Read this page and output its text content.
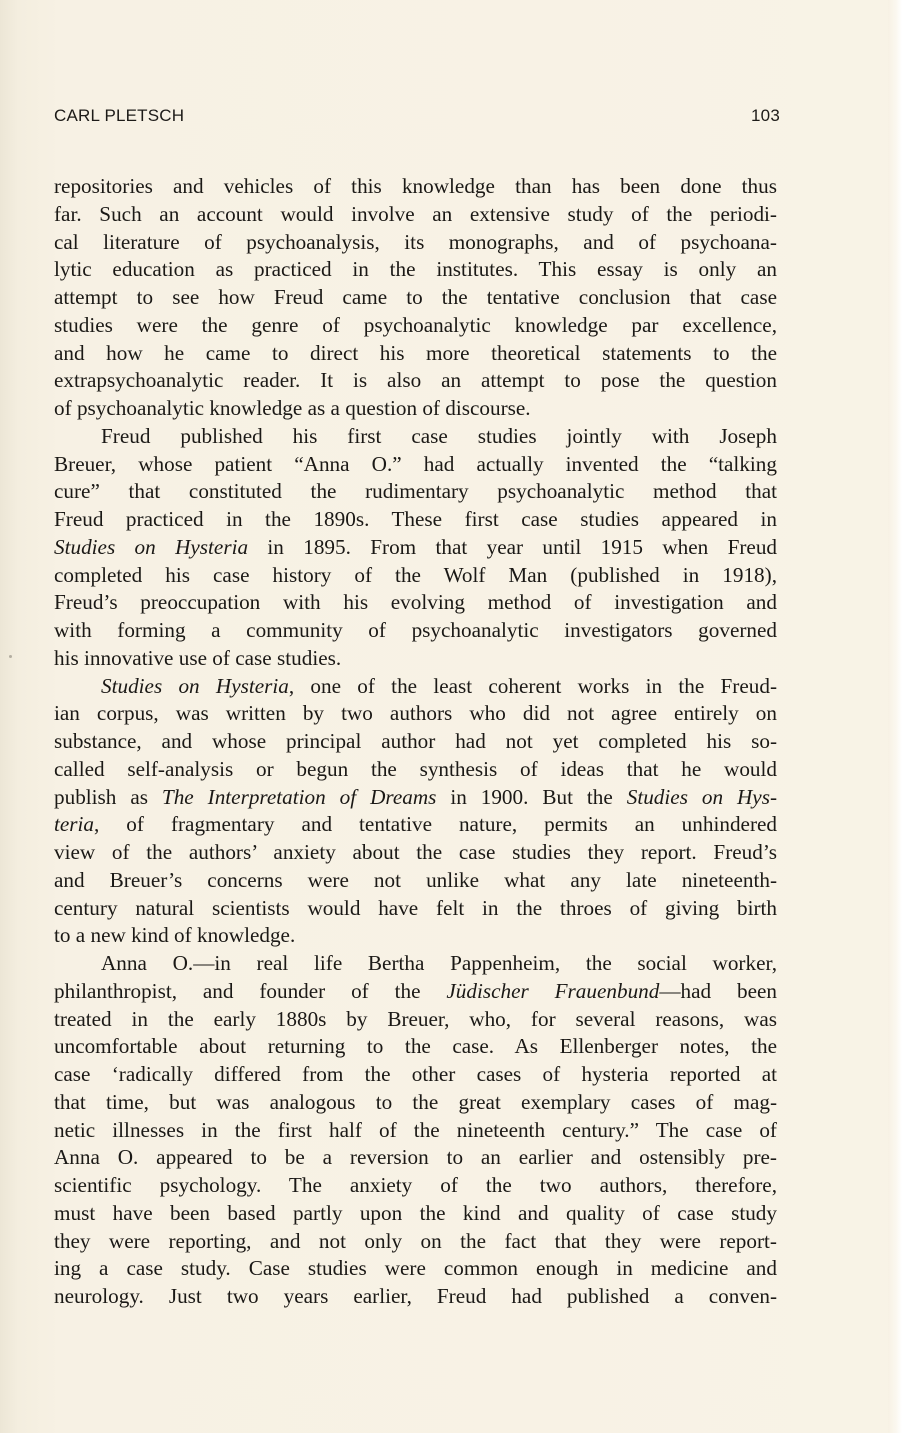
CARL PLETSCH	103
repositories and vehicles of this knowledge than has been done thus
far. Such an account would involve an extensive study of the periodi-
cal literature of psychoanalysis, its monographs, and of psychoana-
lytic education as practiced in the institutes. This essay is only an
attempt to see how Freud came to the tentative conclusion that case
studies were the genre of psychoanalytic knowledge par excellence,
and how he came to direct his more theoretical statements to the
extrapsychoanalytic reader. It is also an attempt to pose the question
of psychoanalytic knowledge as a question of discourse.
Freud published his first case studies jointly with Joseph
Breuer, whose patient “Anna O.” had actually invented the “talking
cure” that constituted the rudimentary psychoanalytic method that
Freud practiced in the 1890s. These first case studies appeared in
Studies on Hysteria in 1895. From that year until 1915 when Freud
completed his case history of the Wolf Man (published in 1918),
Freud’s preoccupation with his evolving method of investigation and
with forming a community of psychoanalytic investigators governed
his innovative use of case studies.
Studies on Hysteria, one of the least coherent works in the Freud-
ian corpus, was written by two authors who did not agree entirely on
substance, and whose principal author had not yet completed his so-
called self-analysis or begun the synthesis of ideas that he would
publish as The Interpretation of Dreams in 1900. But the Studies on Hys-
teria, of fragmentary and tentative nature, permits an unhindered
view of the authors’ anxiety about the case studies they report. Freud’s
and Breuer’s concerns were not unlike what any late nineteenth-
century natural scientists would have felt in the throes of giving birth
to a new kind of knowledge.
Anna O.—in real life Bertha Pappenheim, the social worker,
philanthropist, and founder of the Jüdischer Frauenbund—had been
treated in the early 1880s by Breuer, who, for several reasons, was
uncomfortable about returning to the case. As Ellenberger notes, the
case ‘radically differed from the other cases of hysteria reported at
that time, but was analogous to the great exemplary cases of mag-
netic illnesses in the first half of the nineteenth century.” The case of
Anna O. appeared to be a reversion to an earlier and ostensibly pre-
scientific psychology. The anxiety of the two authors, therefore,
must have been based partly upon the kind and quality of case study
they were reporting, and not only on the fact that they were report-
ing a case study. Case studies were common enough in medicine and
neurology. Just two years earlier, Freud had published a conven-
